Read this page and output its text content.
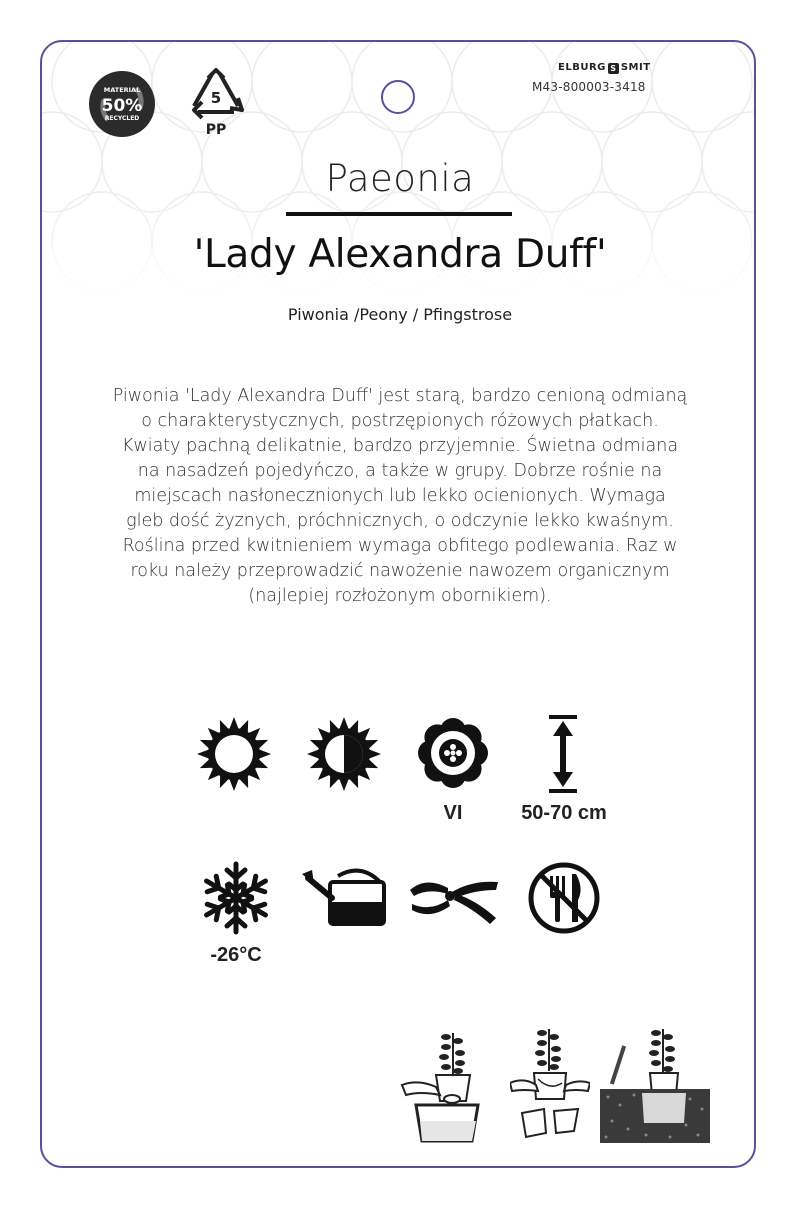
MATERIAL
50%
RECYCLED
5
PP
ELBURG S SMIT
M43-800003-3418
Paeonia
'Lady Alexandra Duff'
Piwonia /Peony / Pfingstrose

Piwonia 'Lady Alexandra Duff' jest starą, bardzo cenioną odmianą
o charakterystycznych, postrzępionych różowych płatkach.
Kwiaty pachną delikatnie, bardzo przyjemnie. Świetna odmiana
na nasadzeń pojedyńczo, a także w grupy. Dobrze rośnie na
miejscach nasłonecznionych lub lekko ocienionych. Wymaga
gleb dość żyznych, próchnicznych, o odczynie lekko kwaśnym.
Roślina przed kwitnieniem wymaga obfitego podlewania. Raz w
roku należy przeprowadzić nawożenie nawozem organicznym
(najlepiej rozłożonym obornikiem).

VI	50-70 cm
-26°C
